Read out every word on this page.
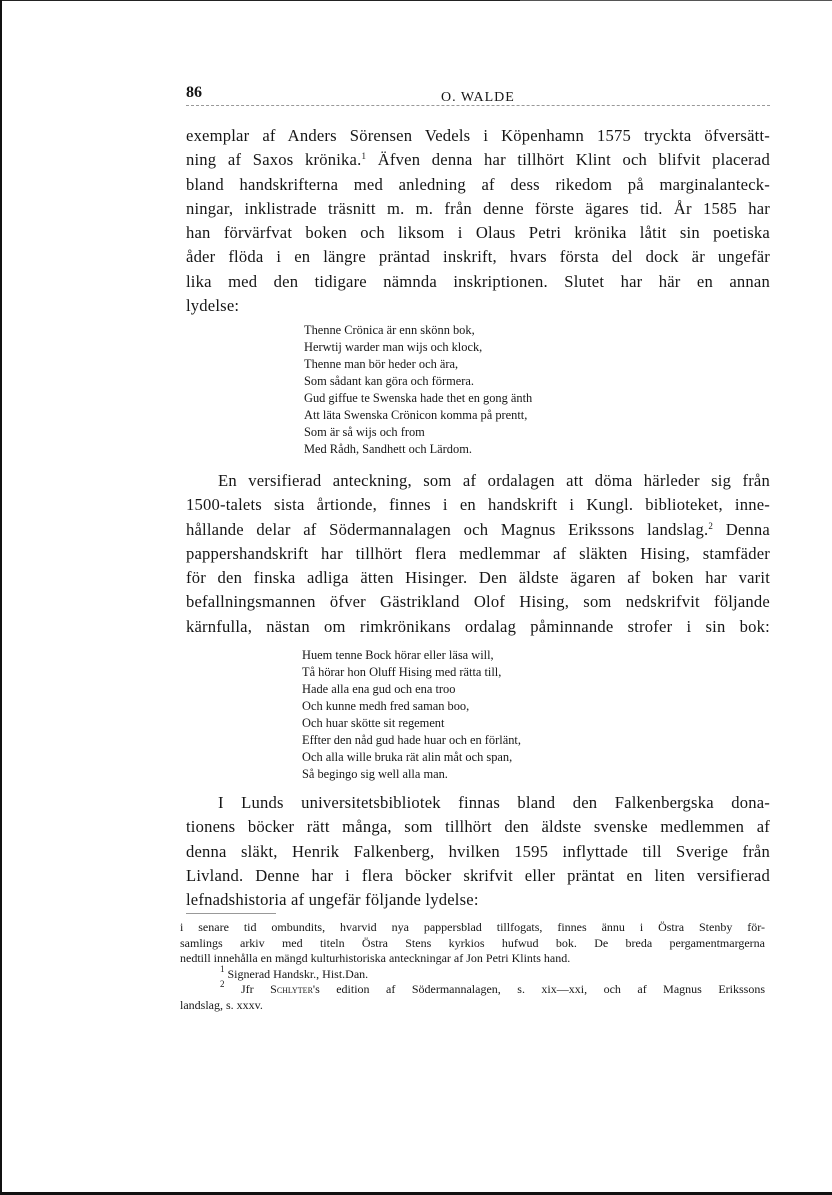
86	O. WALDE

exemplar af Anders Sörensen Vedels i Köpenhamn 1575 tryckta öfversätt-

ning af Saxos krönika.$^1$ Äfven denna har tillhört Klint och blifvit placerad

bland handskrifterna med anledning af dess rikedom på marginalanteck-

ningar, inklistrade träsnitt m. m. från denne förste ägares tid. År 1585 har

han förvärfvat boken och liksom i Olaus Petri krönika låtit sin poetiska

åder flöda i en längre präntad inskrift, hvars första del dock är ungefär

lika med den tidigare nämnda inskriptionen. Slutet har här en annan

lydelse:

Thenne Crönica är enn skönn bok,
Herwtij warder man wijs och klock,
Thenne man bör heder och ära,
Som sådant kan göra och förmera.
Gud giffue te Swenska hade thet en gong änth
Att läta Swenska Crönicon komma på prentt,
Som är så wijs och from
Med Rådh, Sandhett och Lärdom.

En versifierad anteckning, som af ordalagen att döma härleder sig från

1500-talets sista årtionde, finnes i en handskrift i Kungl. biblioteket, inne-

hållande delar af Södermannalagen och Magnus Erikssons landslag.$^2$ Denna

pappershandskrift har tillhört flera medlemmar af släkten Hising, stamfäder

för den finska adliga ätten Hisinger. Den äldste ägaren af boken har varit

befallningsmannen öfver Gästrikland Olof Hising, som nedskrifvit följande

kärnfulla, nästan om rimkrönikans ordalag påminnande strofer i sin bok:

Huem tenne Bock hörar eller läsa will,
Tå hörar hon Oluff Hising med rätta till,
Hade alla ena gud och ena troo
Och kunne medh fred saman boo,
Och huar skötte sit regement
Effter den nåd gud hade huar och en förlänt,
Och alla wille bruka rät alin måt och span,
Så begingo sig well alla man.

I Lunds universitetsbibliotek finnas bland den Falkenbergska dona-

tionens böcker rätt många, som tillhört den äldste svenske medlemmen af

denna släkt, Henrik Falkenberg, hvilken 1595 inflyttade till Sverige från

Livland. Denne har i flera böcker skrifvit eller präntat en liten versifierad

lefnadshistoria af ungefär följande lydelse:

i senare tid ombundits, hvarvid nya pappersblad tillfogats, finnes ännu i Östra Stenby för-

samlings arkiv med titeln Östra Stens kyrkios hufwud bok. De breda pergamentmargerna

nedtill innehålla en mängd kulturhistoriska anteckningar af Jon Petri Klints hand.

$^1$ Signerad Handskr., Hist.Dan.

$^2$ Jfr Schlyter's edition af Södermannalagen, s. xix—xxi, och af Magnus Erikssons

landslag, s. xxxv.
